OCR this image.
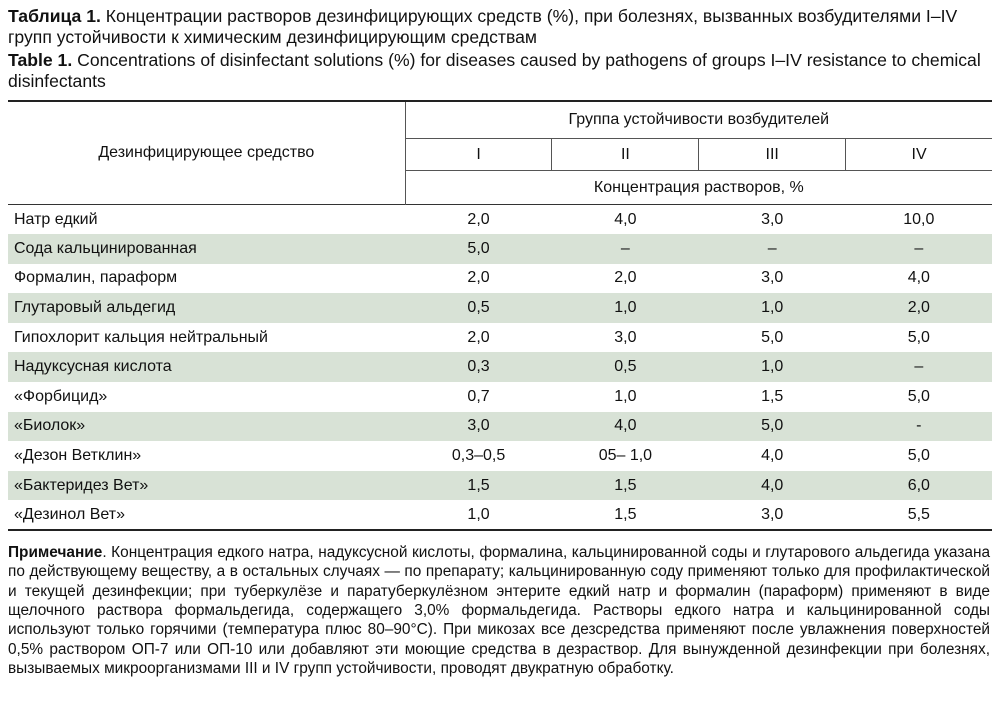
Таблица 1. Концентрации растворов дезинфицирующих средств (%), при болезнях, вызванных возбудителями I–IV групп устойчивости к химическим дезинфицирующим средствам

Table 1. Concentrations of disinfectant solutions (%) for diseases caused by pathogens of groups I–IV resistance to chemical disinfectants

Дезинфицирующее средство	Группа устойчивости возбудителей			
	I	II	III	IV
	Концентрация растворов, %			
Натр едкий	2,0	4,0	3,0	10,0
Сода кальцинированная	5,0	–	–	–
Формалин, параформ	2,0	2,0	3,0	4,0
Глутаровый альдегид	0,5	1,0	1,0	2,0
Гипохлорит кальция нейтральный	2,0	3,0	5,0	5,0
Надуксусная кислота	0,3	0,5	1,0	–
«Форбицид»	0,7	1,0	1,5	5,0
«Биолок»	3,0	4,0	5,0	-
«Дезон Ветклин»	0,3–0,5	05– 1,0	4,0	5,0
«Бактеридез Вет»	1,5	1,5	4,0	6,0
«Дезинол Вет»	1,0	1,5	3,0	5,5

Примечание. Концентрация едкого натра, надуксусной кислоты, формалина, кальцинированной соды и глутарового альдегида указана по действующему веществу, а в остальных случаях — по препарату; кальцинированную соду применяют только для профилактической и текущей дезинфекции; при туберкулёзе и паратуберкулёзном энтерите едкий натр и формалин (параформ) применяют в виде щелочного раствора формальдегида, содержащего 3,0% формальдегида. Растворы едкого натра и кальцинированной соды используют только горячими (температура плюс 80–90°С). При микозах все дезсредства применяют после увлажнения поверхностей 0,5% раствором ОП-7 или ОП-10 или добавляют эти моющие средства в дезраствор. Для вынужденной дезинфекции при болезнях, вызываемых микроорганизмами III и IV групп устойчивости, проводят двукратную обработку.
